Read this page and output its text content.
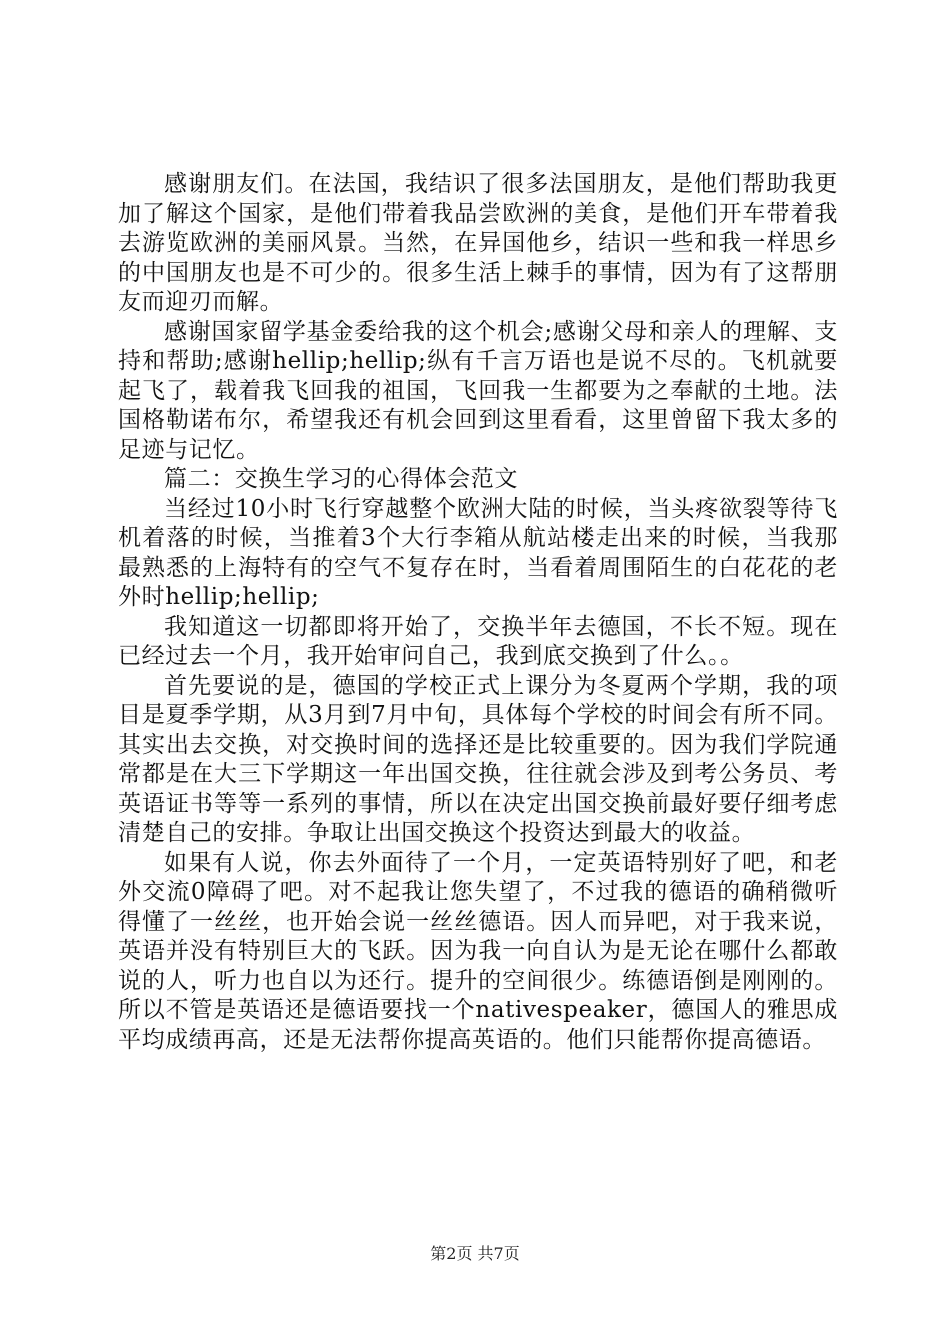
感谢朋友们。在法国，我结识了很多法国朋友，是他们帮助我更加了解这个国家，是他们带着我品尝欧洲的美食，是他们开车带着我去游览欧洲的美丽风景。当然，在异国他乡，结识一些和我一样思乡的中国朋友也是不可少的。很多生活上棘手的事情，因为有了这帮朋友而迎刃而解。

感谢国家留学基金委给我的这个机会;感谢父母和亲人的理解、支持和帮助;感谢hellip;hellip;纵有千言万语也是说不尽的。飞机就要起飞了，载着我飞回我的祖国，飞回我一生都要为之奉献的土地。法国格勒诺布尔，希望我还有机会回到这里看看，这里曾留下我太多的足迹与记忆。

篇二：交换生学习的心得体会范文

当经过10小时飞行穿越整个欧洲大陆的时候，当头疼欲裂等待飞机着落的时候，当推着3个大行李箱从航站楼走出来的时候，当我那最熟悉的上海特有的空气不复存在时，当看着周围陌生的白花花的老外时hellip;hellip;

我知道这一切都即将开始了，交换半年去德国，不长不短。现在已经过去一个月，我开始审问自己，我到底交换到了什么。。

首先要说的是，德国的学校正式上课分为冬夏两个学期，我的项目是夏季学期，从3月到7月中旬，具体每个学校的时间会有所不同。其实出去交换，对交换时间的选择还是比较重要的。因为我们学院通常都是在大三下学期这一年出国交换，往往就会涉及到考公务员、考英语证书等等一系列的事情，所以在决定出国交换前最好要仔细考虑清楚自己的安排。争取让出国交换这个投资达到最大的收益。

如果有人说，你去外面待了一个月，一定英语特别好了吧，和老外交流0障碍了吧。对不起我让您失望了，不过我的德语的确稍微听得懂了一丝丝，也开始会说一丝丝德语。因人而异吧，对于我来说，英语并没有特别巨大的飞跃。因为我一向自认为是无论在哪什么都敢说的人，听力也自以为还行。提升的空间很少。练德语倒是刚刚的。所以不管是英语还是德语要找一个nativespeaker，德国人的雅思成平均成绩再高，还是无法帮你提高英语的。他们只能帮你提高德语。

第2页 共7页
